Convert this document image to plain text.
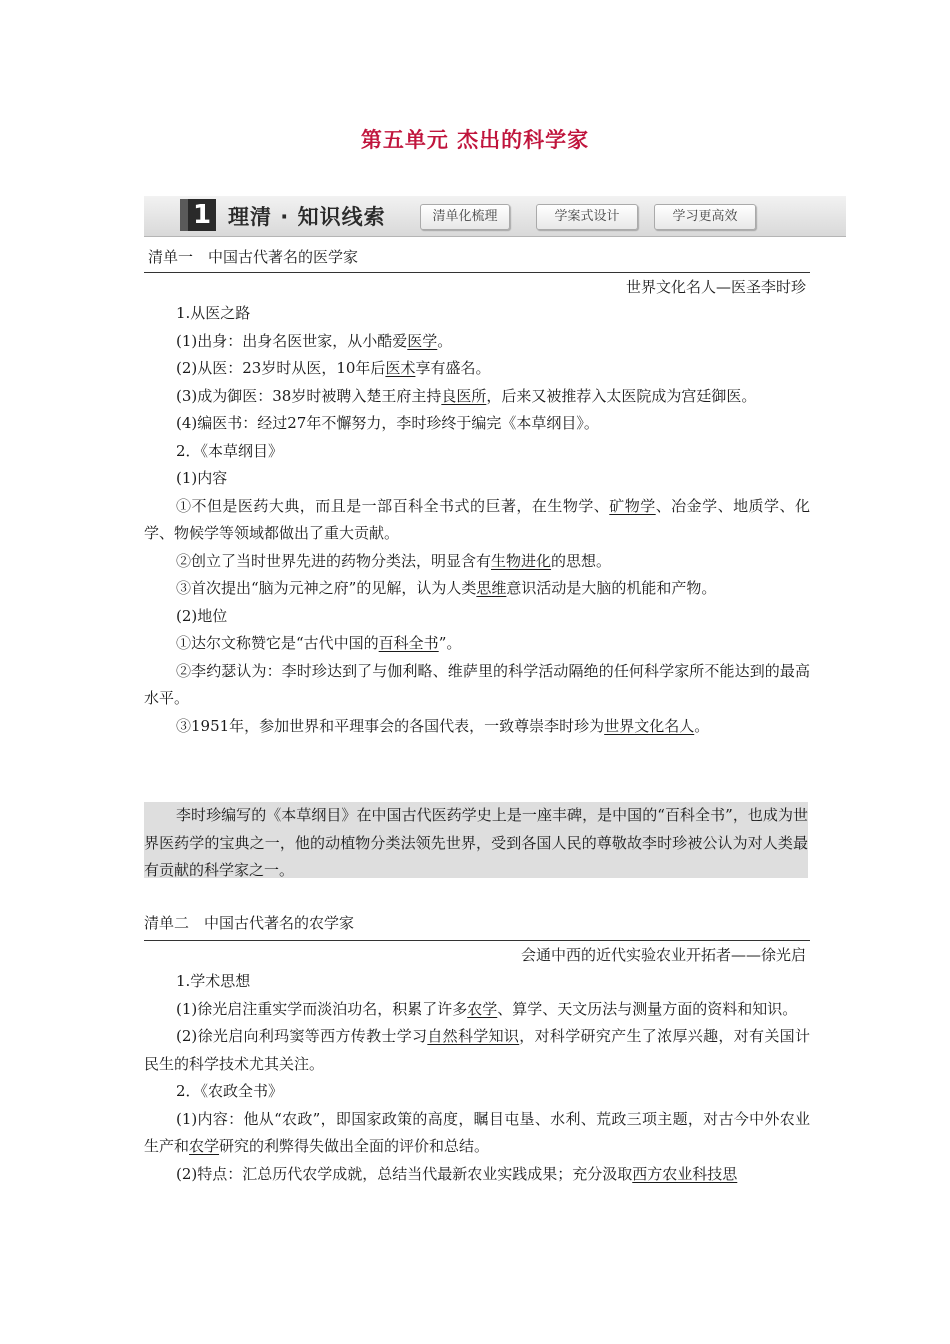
第五单元 杰出的科学家
1 理清 · 知识线索	清单化梳理	学案式设计	学习更高效
清单一　中国古代著名的医学家
世界文化名人—医圣李时珍

1.从医之路

(1)出身：出身名医世家，从小酷爱医学。

(2)从医：23岁时从医，10年后医术享有盛名。

(3)成为御医：38岁时被聘入楚王府主持良医所，后来又被推荐入太医院成为宫廷御医。

(4)编医书：经过27年不懈努力，李时珍终于编完《本草纲目》。

2．《本草纲目》

(1)内容

①不但是医药大典，而且是一部百科全书式的巨著，在生物学、矿物学、冶金学、地质学、化学、物候学等领域都做出了重大贡献。

②创立了当时世界先进的药物分类法，明显含有生物进化的思想。

③首次提出“脑为元神之府”的见解，认为人类思维意识活动是大脑的机能和产物。

(2)地位

①达尔文称赞它是“古代中国的百科全书”。

②李约瑟认为：李时珍达到了与伽利略、维萨里的科学活动隔绝的任何科学家所不能达到的最高水平。

③1951年，参加世界和平理事会的各国代表，一致尊崇李时珍为世界文化名人。

李时珍编写的《本草纲目》在中国古代医药学史上是一座丰碑，是中国的“百科全书”，也成为世界医药学的宝典之一，他的动植物分类法领先世界，受到各国人民的尊敬故李时珍被公认为对人类最有贡献的科学家之一。

清单二　中国古代著名的农学家
会通中西的近代实验农业开拓者——徐光启

1.学术思想

(1)徐光启注重实学而淡泊功名，积累了许多农学、算学、天文历法与测量方面的资料和知识。

(2)徐光启向利玛窦等西方传教士学习自然科学知识，对科学研究产生了浓厚兴趣，对有关国计民生的科学技术尤其关注。

2．《农政全书》

(1)内容：他从“农政”，即国家政策的高度，瞩目屯垦、水利、荒政三项主题，对古今中外农业生产和农学研究的利弊得失做出全面的评价和总结。

(2)特点：汇总历代农学成就，总结当代最新农业实践成果；充分汲取西方农业科技思
